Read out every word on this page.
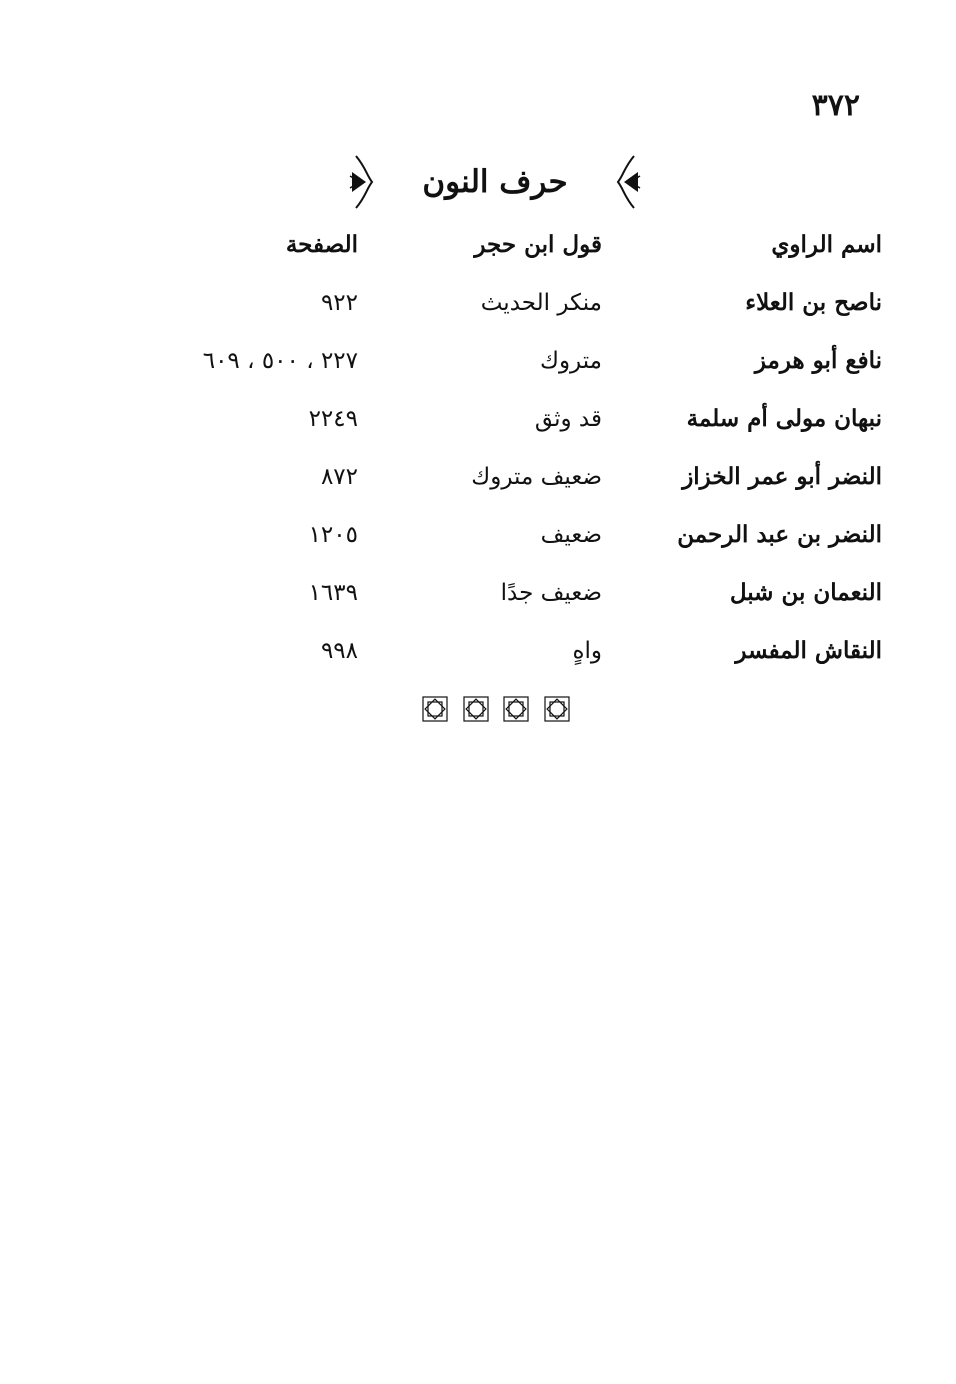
٣٧٢
حرف النون
اسم الراوي
قول ابن حجر
الصفحة
ناصح بن العلاء
منكر الحديث
٩٢٢
نافع أبو هرمز
متروك
٢٢٧ ، ٥٠٠ ، ٦٠٩
نبهان مولى أم سلمة
قد وثق
٢٢٤٩
النضر أبو عمر الخزاز
ضعيف متروك
٨٧٢
النضر بن عبد الرحمن
ضعيف
١٢٠٥
النعمان بن شبل
ضعيف جدًا
١٦٣٩
النقاش المفسر
واهٍ
٩٩٨
